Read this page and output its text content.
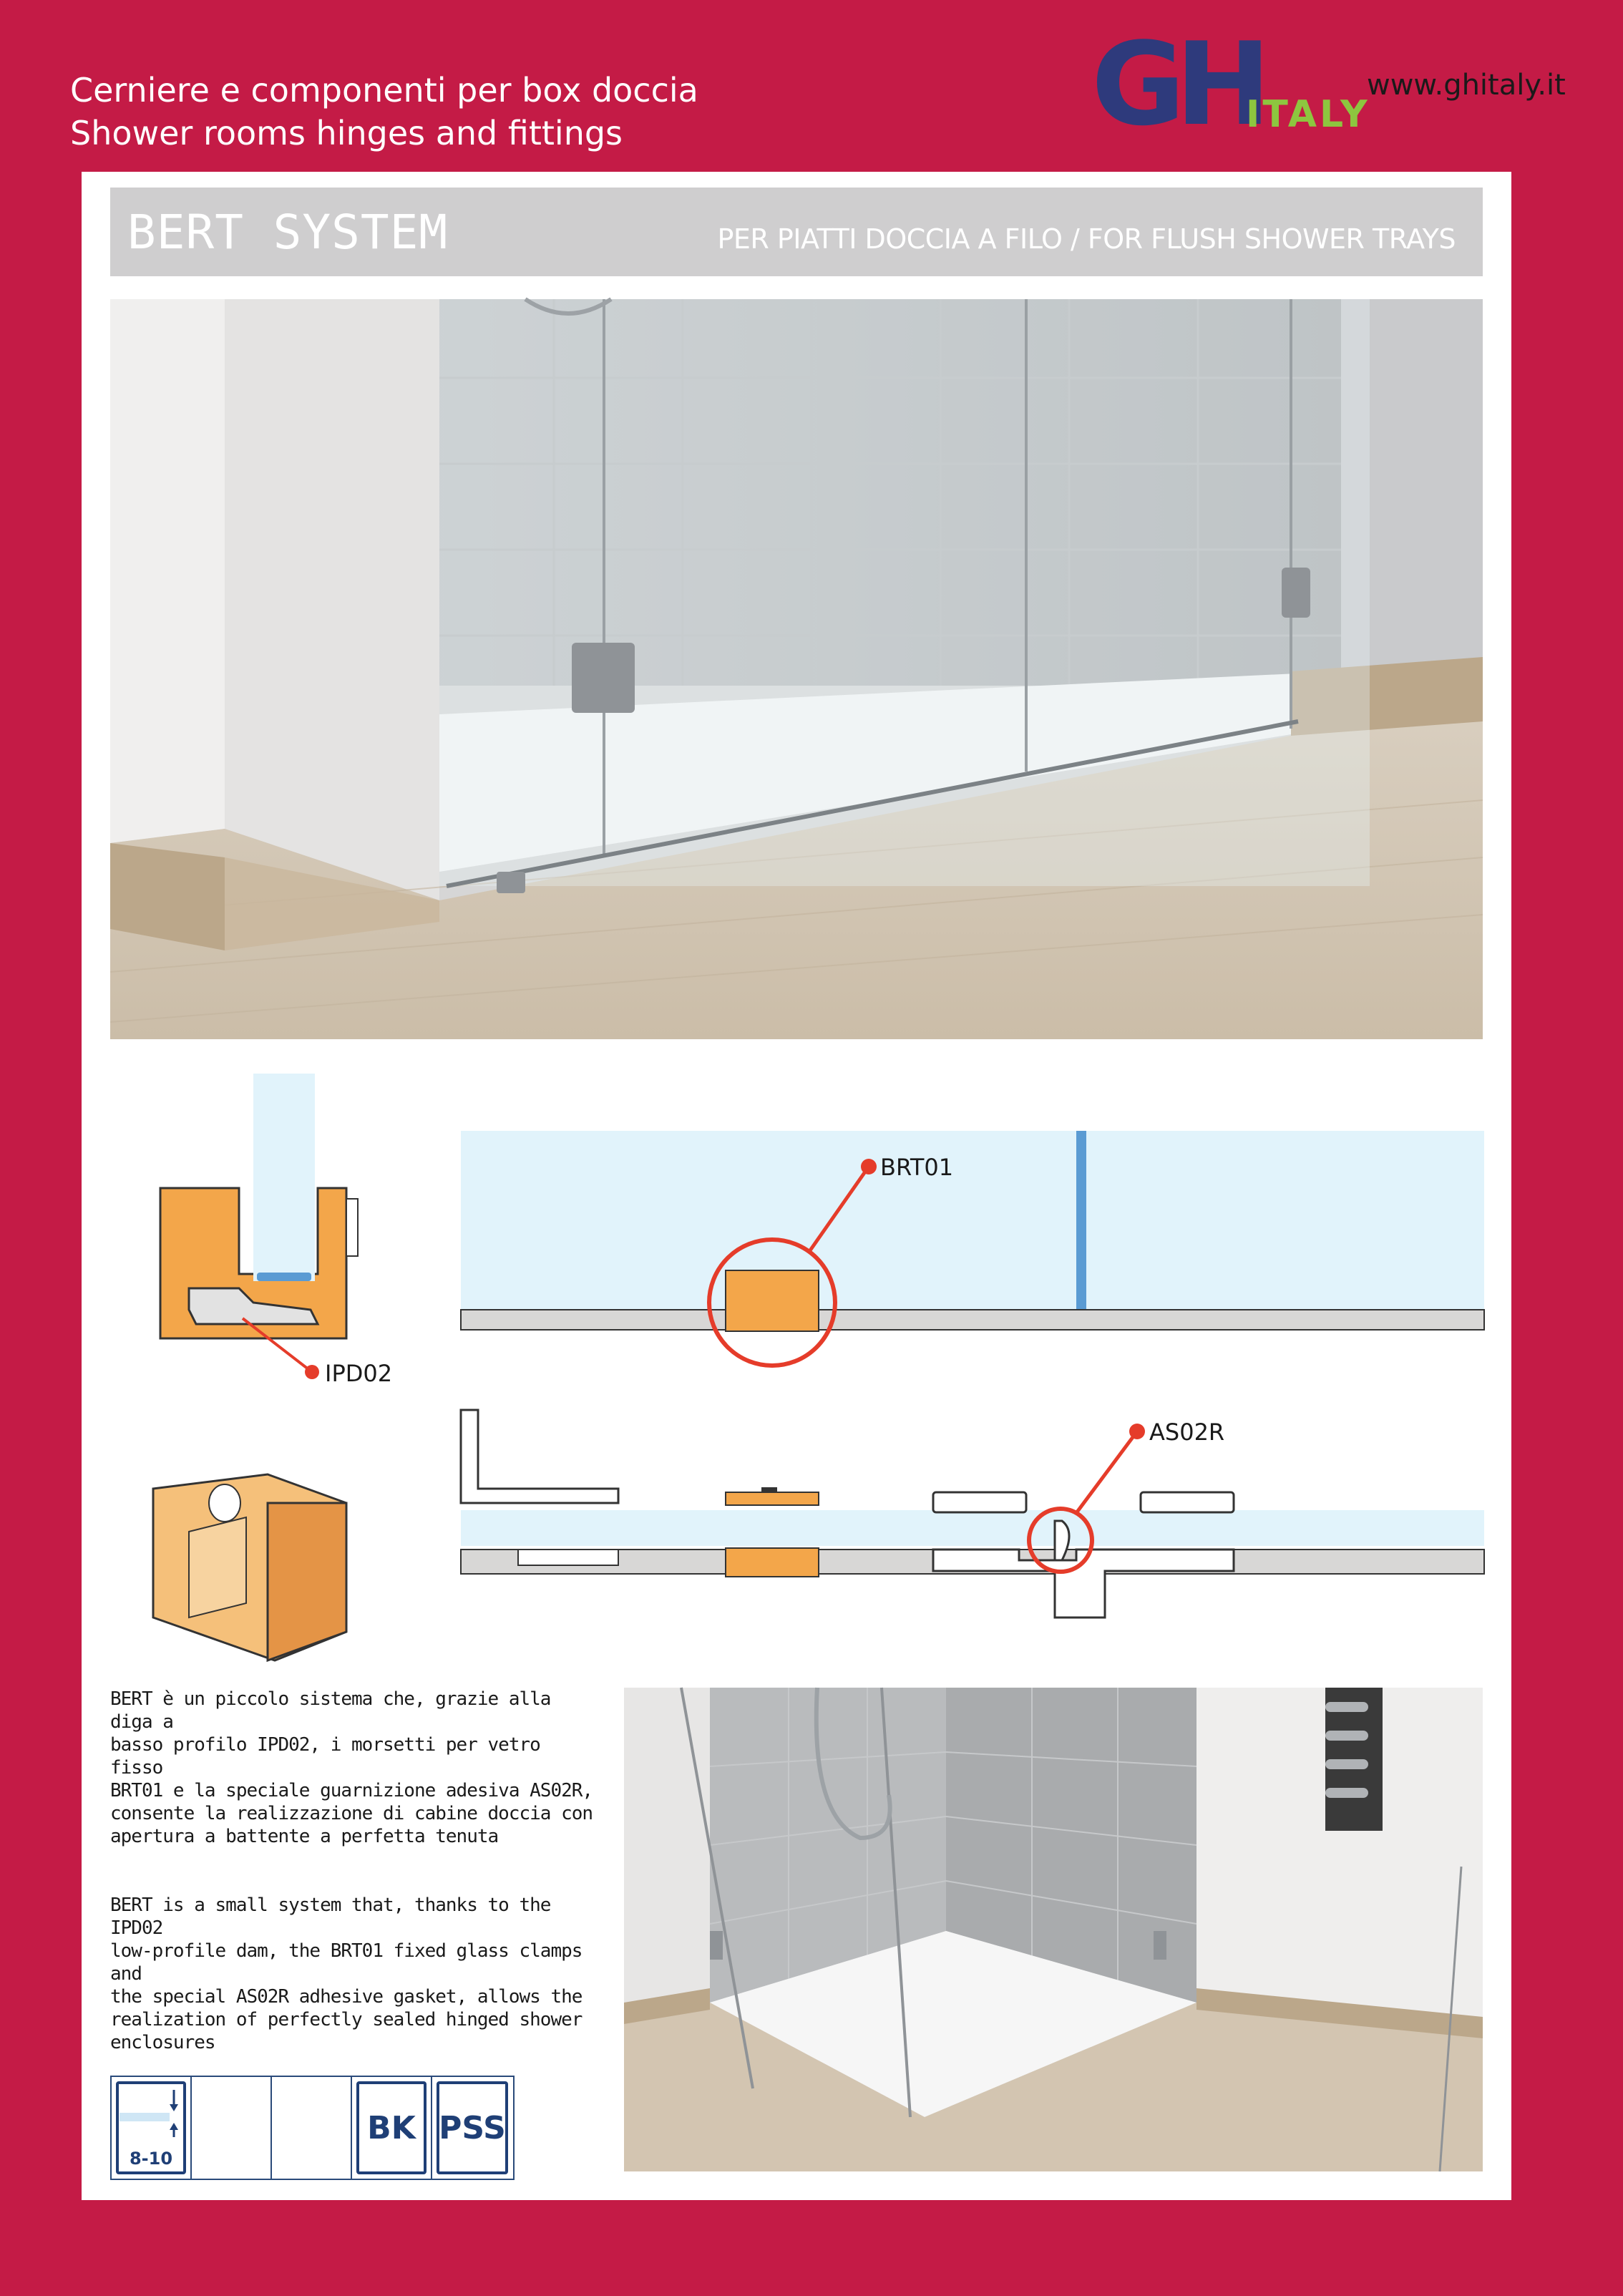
Cerniere e componenti per box doccia
Shower rooms hinges and fittings	GH
ITALY
www.ghitaly.it
BERT SYSTEM	PER PIATTI DOCCIA A FILO / FOR FLUSH SHOWER TRAYS
IPD02
BRT01
AS02R
BERT è un piccolo sistema che, grazie alla diga a
basso profilo IPD02, i morsetti per vetro fisso
BRT01 e la speciale guarnizione adesiva AS02R,
consente la realizzazione di cabine doccia con
apertura a battente a perfetta tenuta
BERT is a small system that, thanks to the IPD02
low-profile dam, the BRT01 fixed glass clamps and
the special AS02R adhesive gasket, allows the
realization of perfectly sealed hinged shower
enclosures
8-10
BK PSS
